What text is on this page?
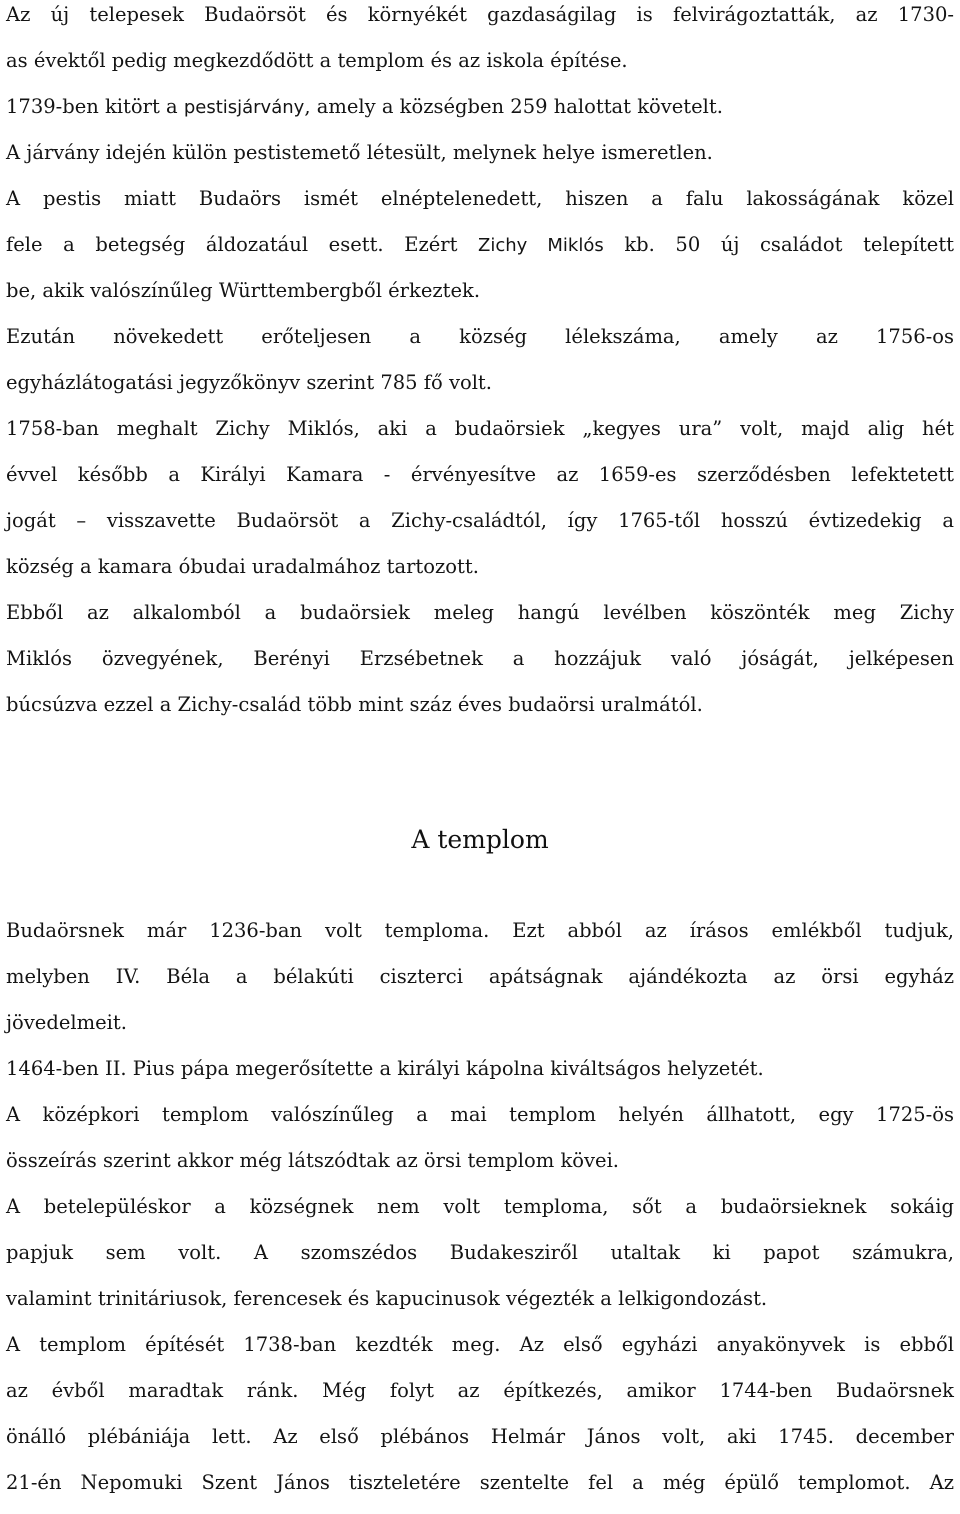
Az új telepesek Budaörsöt és környékét gazdaságilag is felvirágoztatták, az 1730-
as évektől pedig megkezdődött a templom és az iskola építése.
1739-ben kitört a pestisjárvány, amely a községben 259 halottat követelt.
A járvány idején külön pestistemető létesült, melynek helye ismeretlen.
A pestis miatt Budaörs ismét elnéptelenedett, hiszen a falu lakosságának közel
fele a betegség áldozatául esett. Ezért Zichy Miklós kb. 50 új családot telepített
be, akik valószínűleg Württembergből érkeztek.
Ezután növekedett erőteljesen a község lélekszáma, amely az 1756-os
egyházlátogatási jegyzőkönyv szerint 785 fő volt.
1758-ban meghalt Zichy Miklós, aki a budaörsiek „kegyes ura” volt, majd alig hét
évvel később a Királyi Kamara - érvényesítve az 1659-es szerződésben lefektetett
jogát – visszavette Budaörsöt a Zichy-családtól, így 1765-től hosszú évtizedekig a
község a kamara óbudai uradalmához tartozott.
Ebből az alkalomból a budaörsiek meleg hangú levélben köszönték meg Zichy
Miklós özvegyének, Berényi Erzsébetnek a hozzájuk való jóságát, jelképesen
búcsúzva ezzel a Zichy-család több mint száz éves budaörsi uralmától.
A templom
Budaörsnek már 1236-ban volt temploma. Ezt abból az írásos emlékből tudjuk,
melyben IV. Béla a bélakúti ciszterci apátságnak ajándékozta az örsi egyház
jövedelmeit.
1464-ben II. Pius pápa megerősítette a királyi kápolna kiváltságos helyzetét.
A középkori templom valószínűleg a mai templom helyén állhatott, egy 1725-ös
összeírás szerint akkor még látszódtak az örsi templom kövei.
A betelepüléskor a községnek nem volt temploma, sőt a budaörsieknek sokáig
papjuk sem volt. A szomszédos Budakesziről utaltak ki papot számukra,
valamint trinitáriusok, ferencesek és kapucinusok végezték a lelkigondozást.
A templom építését 1738-ban kezdték meg. Az első egyházi anyakönyvek is ebből
az évből maradtak ránk. Még folyt az építkezés, amikor 1744-ben Budaörsnek
önálló plébániája lett. Az első plébános Helmár János volt, aki 1745. december
21-én Nepomuki Szent János tiszteletére szentelte fel a még épülő templomot. Az
